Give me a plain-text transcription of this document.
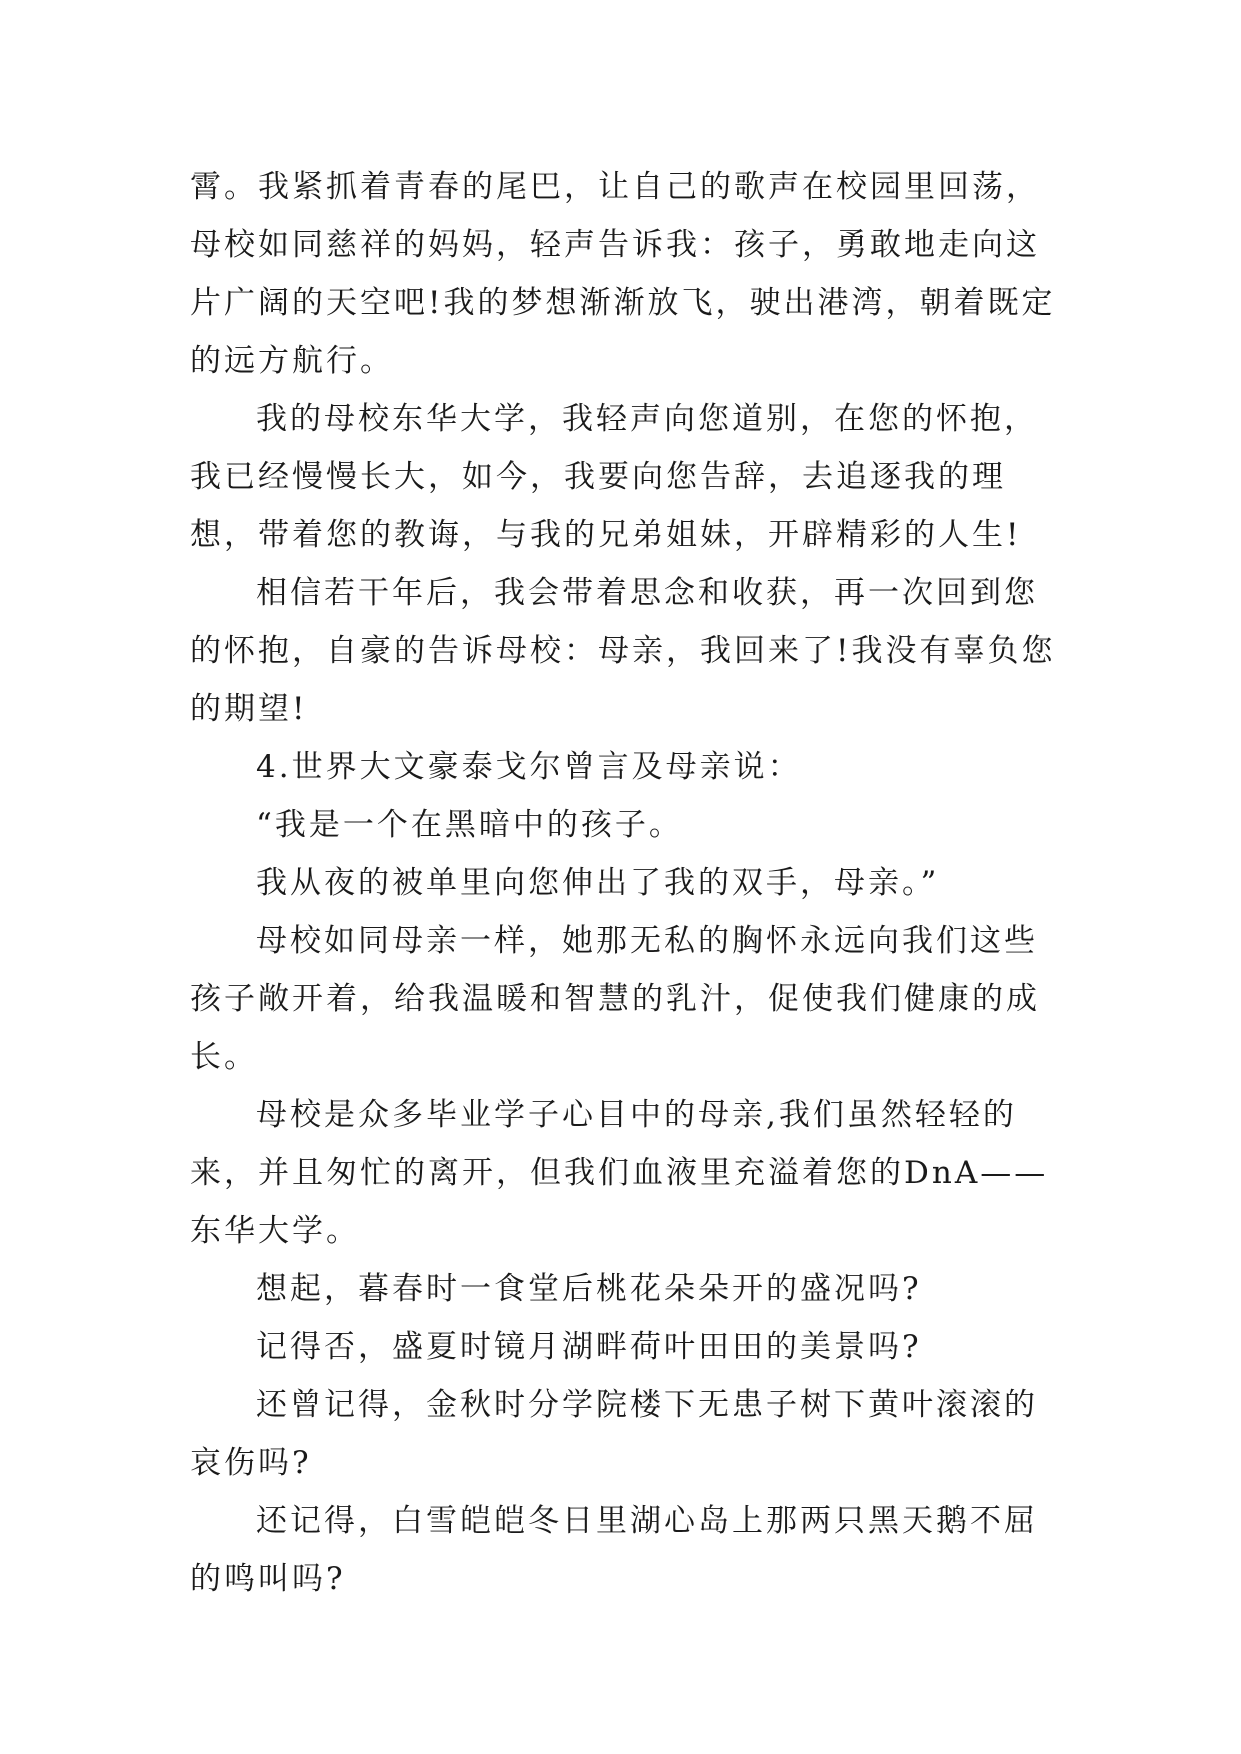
霄。我紧抓着青春的尾巴，让自己的歌声在校园里回荡，母校如同慈祥的妈妈，轻声告诉我：孩子，勇敢地走向这片广阔的天空吧!我的梦想渐渐放飞，驶出港湾，朝着既定的远方航行。

我的母校东华大学，我轻声向您道别，在您的怀抱，我已经慢慢长大，如今，我要向您告辞，去追逐我的理想，带着您的教诲，与我的兄弟姐妹，开辟精彩的人生!

相信若干年后，我会带着思念和收获，再一次回到您的怀抱，自豪的告诉母校：母亲，我回来了!我没有辜负您的期望!

4.世界大文豪泰戈尔曾言及母亲说：

“我是一个在黑暗中的孩子。

我从夜的被单里向您伸出了我的双手，母亲。”

母校如同母亲一样，她那无私的胸怀永远向我们这些孩子敞开着，给我温暖和智慧的乳汁，促使我们健康的成长。

母校是众多毕业学子心目中的母亲,我们虽然轻轻的来，并且匆忙的离开，但我们血液里充溢着您的DnA——东华大学。

想起，暮春时一食堂后桃花朵朵开的盛况吗?

记得否，盛夏时镜月湖畔荷叶田田的美景吗?

还曾记得，金秋时分学院楼下无患子树下黄叶滚滚的哀伤吗?

还记得，白雪皑皑冬日里湖心岛上那两只黑天鹅不屈的鸣叫吗?
